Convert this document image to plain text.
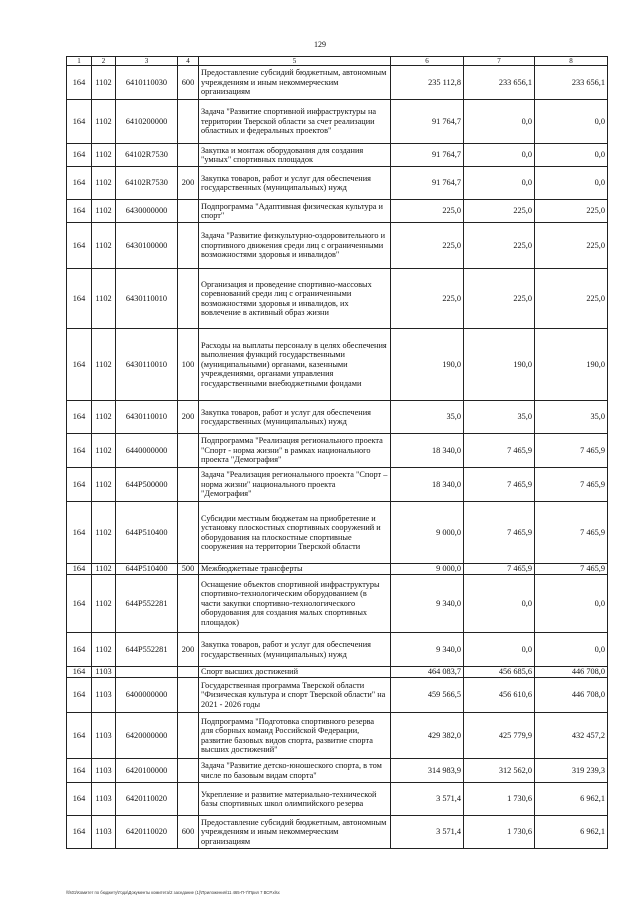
129
1	2	3	4	5	6	7	8
164	1102	6410110030	600	Предоставление субсидий бюджетным, автономным учреждениям и иным некоммерческим организациям	235 112,8	233 656,1	233 656,1
164	1102	6410200000		Задача "Развитие спортивной инфраструктуры на территории Тверской области за счет реализации областных и федеральных проектов"	91 764,7	0,0	0,0
164	1102	64102R7530		Закупка и монтаж оборудования для создания "умных" спортивных площадок	91 764,7	0,0	0,0
164	1102	64102R7530	200	Закупка товаров, работ и услуг для обеспечения государственных (муниципальных) нужд	91 764,7	0,0	0,0
164	1102	6430000000		Подпрограмма "Адаптивная физическая культура и спорт"	225,0	225,0	225,0
164	1102	6430100000		Задача "Развитие физкультурно-оздоровительного и спортивного движения среди лиц с ограниченными возможностями здоровья и инвалидов"	225,0	225,0	225,0
164	1102	6430110010		Организация и проведение спортивно-массовых соревнований среди лиц с ограниченными возможностями здоровья и инвалидов, их вовлечение в активный образ жизни	225,0	225,0	225,0
164	1102	6430110010	100	Расходы на выплаты персоналу в целях обеспечения выполнения функций государственными (муниципальными) органами, казенными учреждениями, органами управления государственными внебюджетными фондами	190,0	190,0	190,0
164	1102	6430110010	200	Закупка товаров, работ и услуг для обеспечения государственных (муниципальных) нужд	35,0	35,0	35,0
164	1102	6440000000		Подпрограмма "Реализация регионального проекта "Спорт - норма жизни" в рамках национального проекта "Демография"	18 340,0	7 465,9	7 465,9
164	1102	644P500000		Задача "Реализация регионального проекта "Спорт – норма жизни" национального проекта "Демография"	18 340,0	7 465,9	7 465,9
164	1102	644P510400		Субсидии местным бюджетам на приобретение и установку плоскостных спортивных сооружений и оборудования на плоскостные спортивные сооружения на территории Тверской области	9 000,0	7 465,9	7 465,9
164	1102	644P510400	500	Межбюджетные трансферты	9 000,0	7 465,9	7 465,9
164	1102	644P552281		Оснащение объектов спортивной инфраструктуры спортивно-технологическим оборудованием (в части закупки спортивно-технологического оборудования для создания малых спортивных площадок)	9 340,0	0,0	0,0
164	1102	644P552281	200	Закупка товаров, работ и услуг для обеспечения государственных (муниципальных) нужд	9 340,0	0,0	0,0
164	1103			Спорт высших достижений	464 083,7	456 685,6	446 708,0
164	1103	6400000000		Государственная программа Тверской области "Физическая культура и спорт Тверской области" на 2021 - 2026 годы	459 566,5	456 610,6	446 708,0
164	1103	6420000000		Подпрограмма "Подготовка спортивного резерва для сборных команд Российской Федерации, развитие базовых видов спорта, развитие спорта высших достижений"	429 382,0	425 779,9	432 457,2
164	1103	6420100000		Задача "Развитие детско-юношеского спорта, в том числе по базовым видам спорта"	314 983,9	312 562,0	319 239,3
164	1103	6420110020		Укрепление и развитие материально-технической базы спортивных школ олимпийского резерва	3 571,4	1 730,6	6 962,1
164	1103	6420110020	600	Предоставление субсидий бюджетным, автономным учреждениям и иным некоммерческим организациям	3 571,4	1 730,6	6 962,1
\\fs01\Комитет по бюджету\Года\Документы комитета\2 заседание (1)\Приложения\11 465-П-7\Прил 7 ВСР.xlsx
